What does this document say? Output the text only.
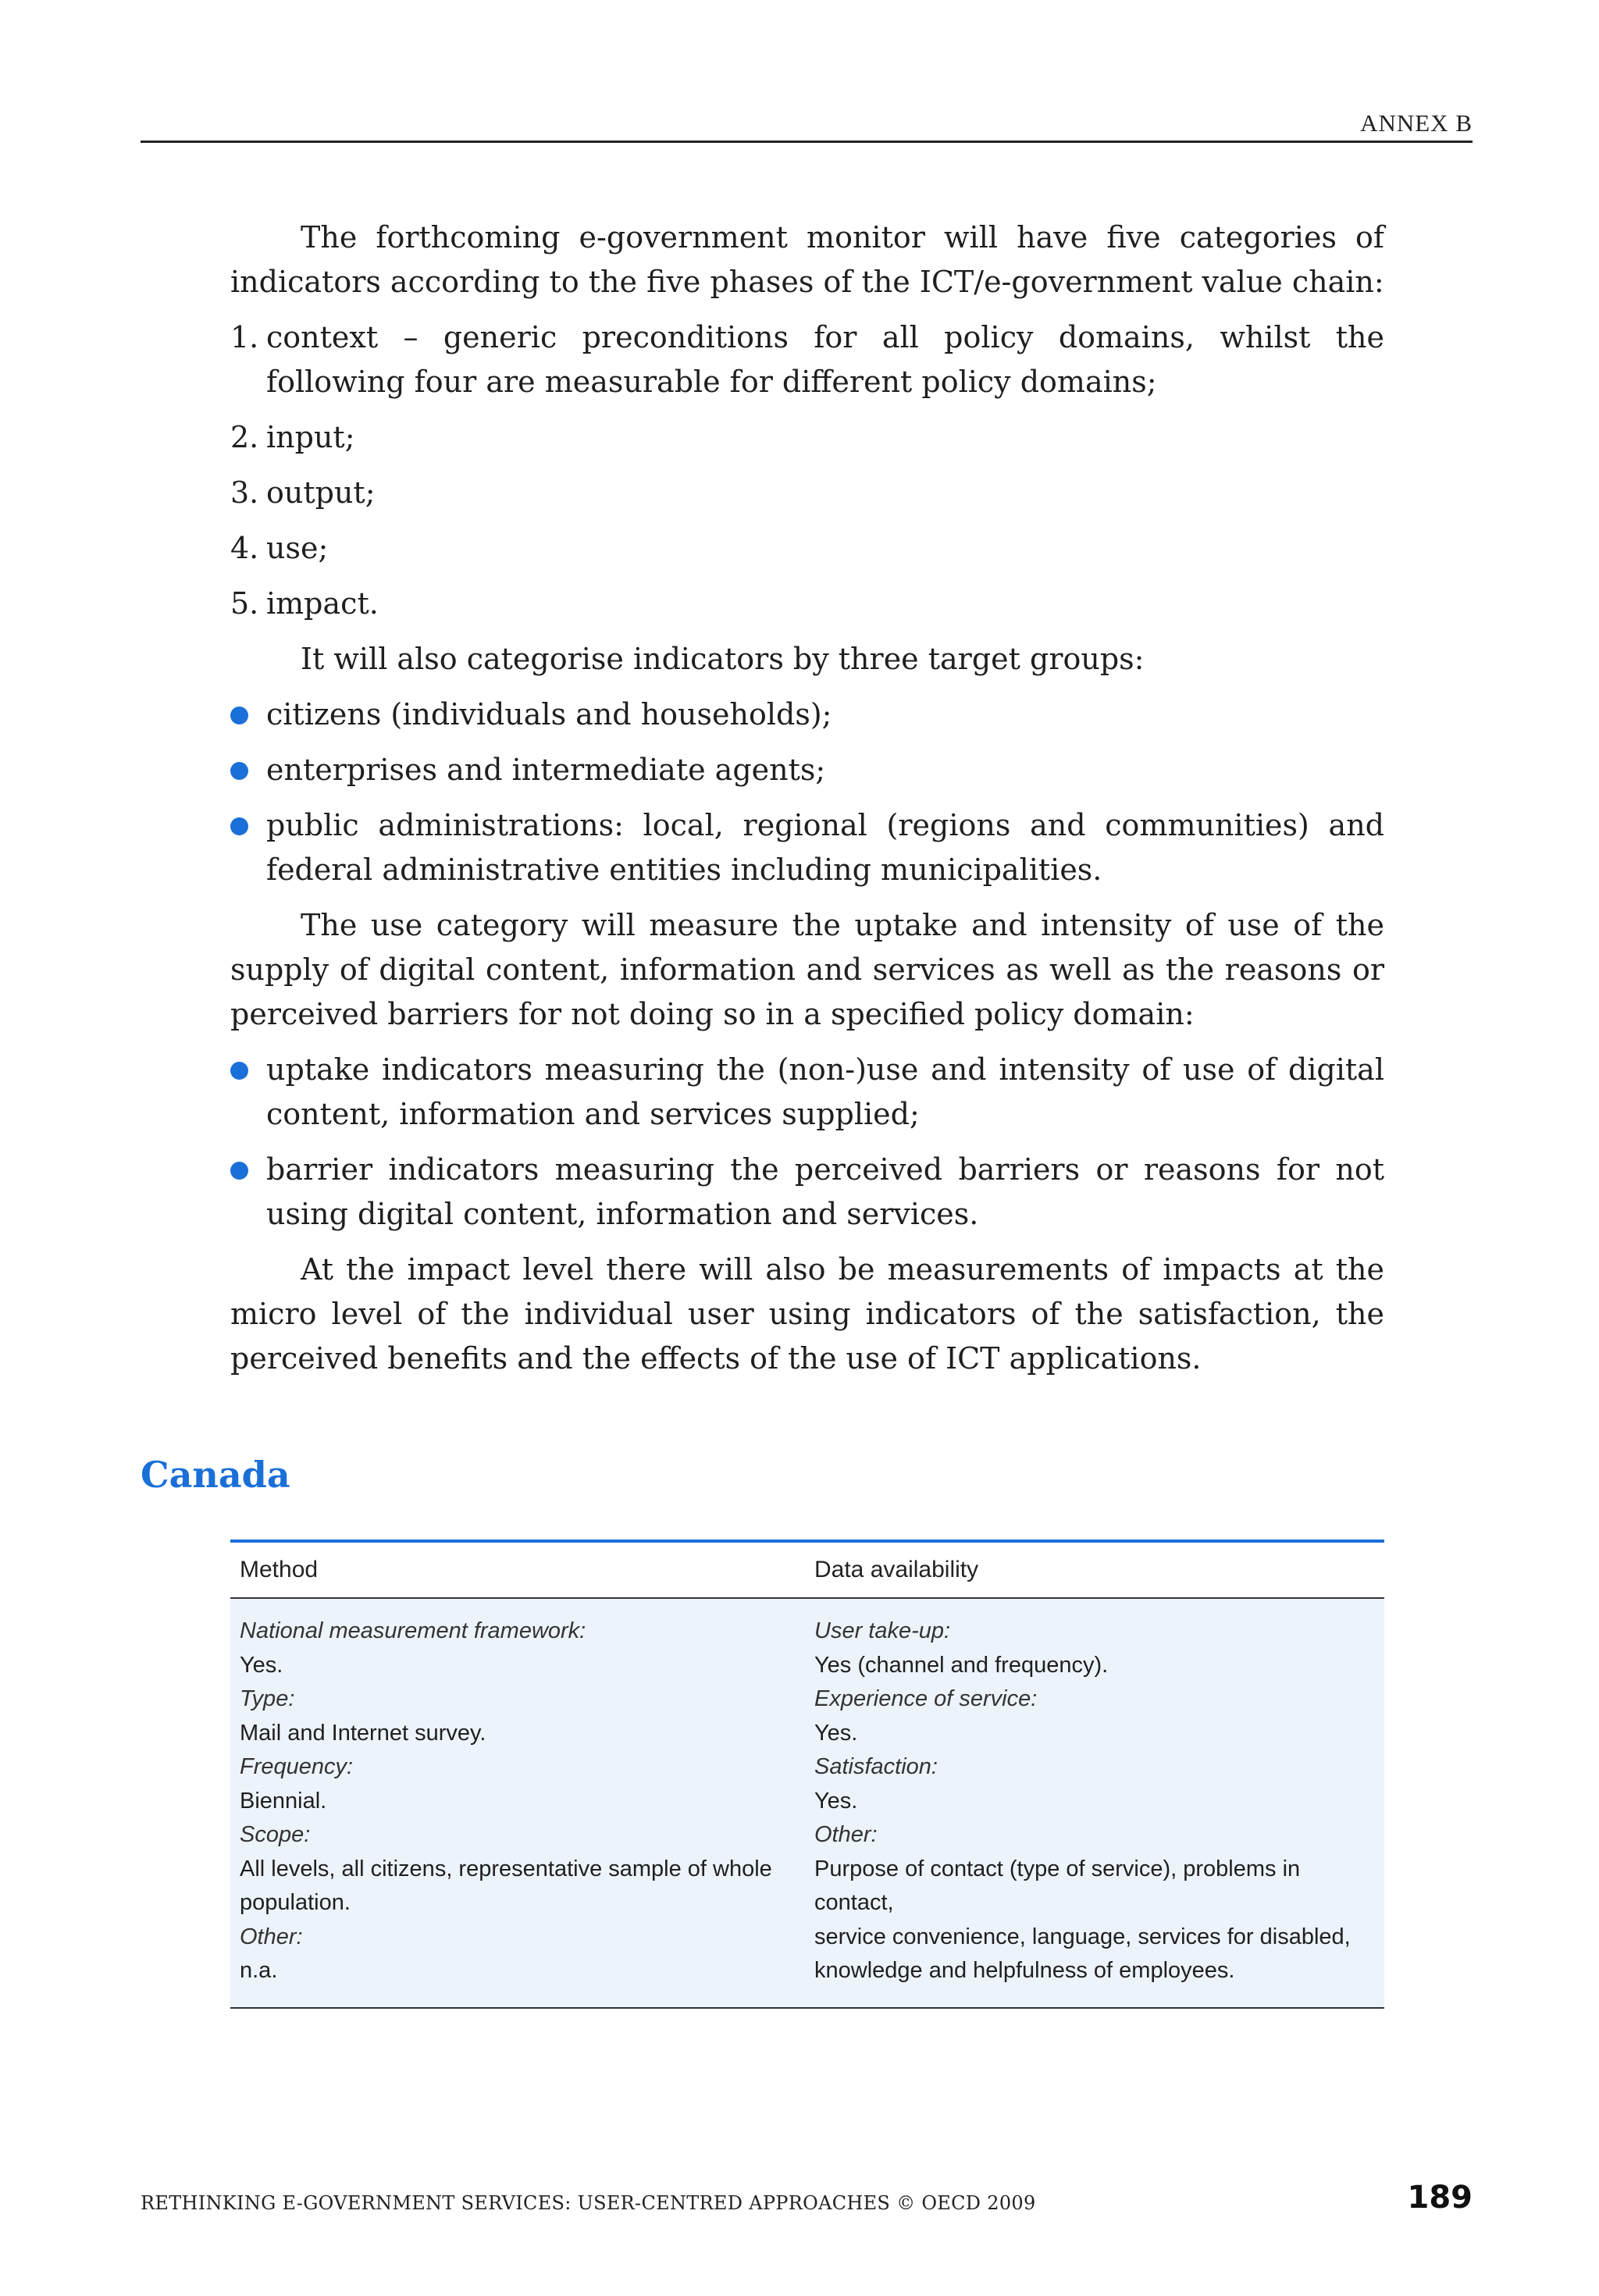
ANNEX B

The forthcoming e-government monitor will have five categories of indicators according to the five phases of the ICT/e-government value chain:

1. context – generic preconditions for all policy domains, whilst the following four are measurable for different policy domains;
2. input;
3. output;
4. use;
5. impact.

It will also categorise indicators by three target groups:

citizens (individuals and households);
enterprises and intermediate agents;
public administrations: local, regional (regions and communities) and federal administrative entities including municipalities.

The use category will measure the uptake and intensity of use of the supply of digital content, information and services as well as the reasons or perceived barriers for not doing so in a specified policy domain:

uptake indicators measuring the (non-)use and intensity of use of digital content, information and services supplied;
barrier indicators measuring the perceived barriers or reasons for not using digital content, information and services.

At the impact level there will also be measurements of impacts at the micro level of the individual user using indicators of the satisfaction, the perceived benefits and the effects of the use of ICT applications.

Canada
Method	Data availability
National measurement framework:
Yes.
Type:
Mail and Internet survey.
Frequency:
Biennial.
Scope:
All levels, all citizens, representative sample of whole
population.
Other:
n.a.
User take-up:
Yes (channel and frequency).
Experience of service:
Yes.
Satisfaction:
Yes.
Other:
Purpose of contact (type of service), problems in contact,
service convenience, language, services for disabled,
knowledge and helpfulness of employees.
RETHINKING E-GOVERNMENT SERVICES: USER-CENTRED APPROACHES © OECD 2009	189
